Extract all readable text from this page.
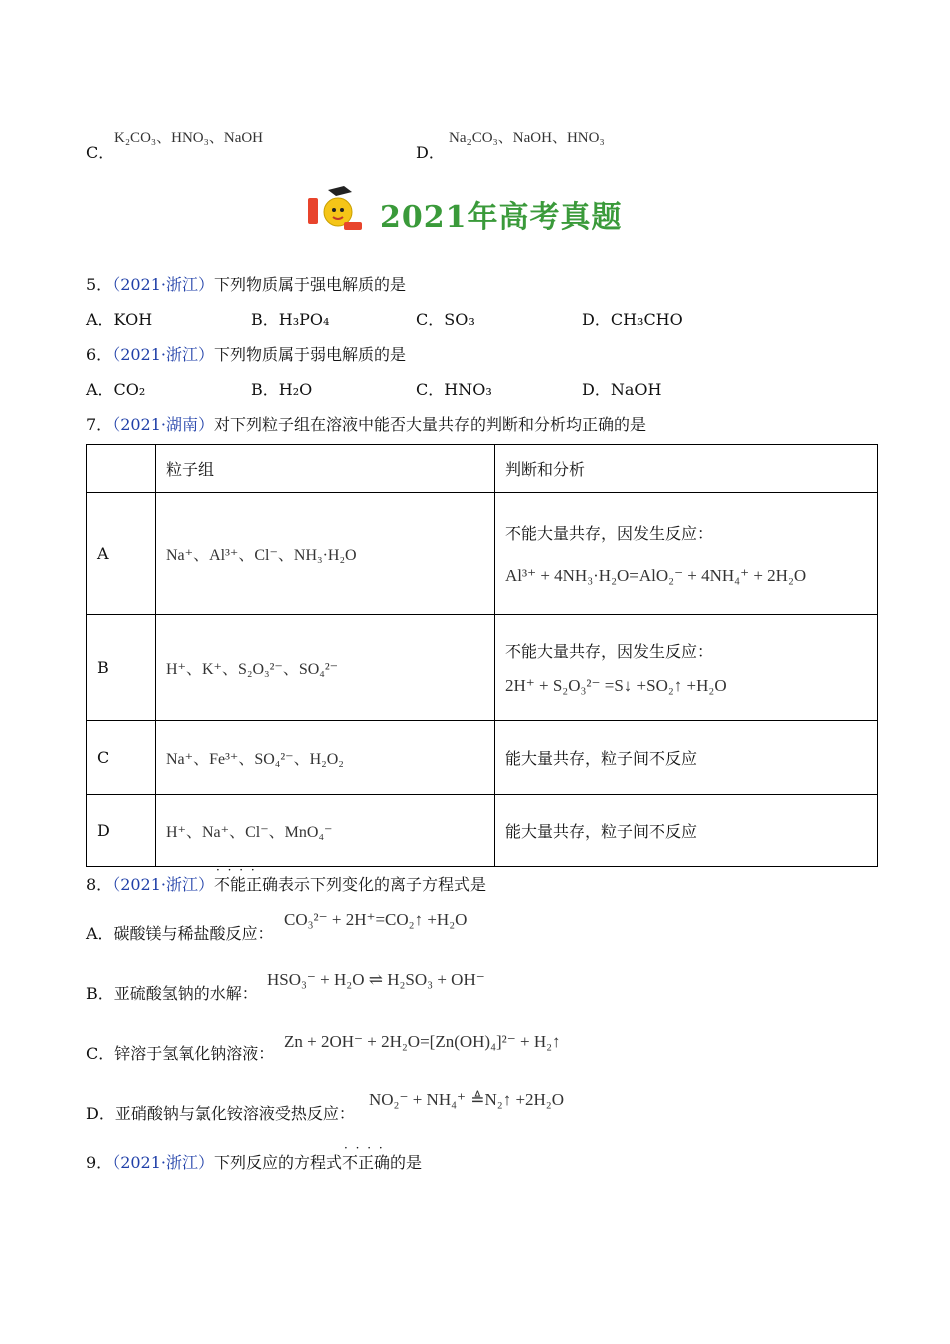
C．
K₂CO₃、HNO₃、NaOH
D．
Na₂CO₃、NaOH、HNO₃
2021年高考真题
5．（2021·浙江）下列物质属于强电解质的是
A．KOH	B．H₃PO₄	C．SO₃	D．CH₃CHO
6．（2021·浙江）下列物质属于弱电解质的是
A．CO₂	B．H₂O	C．HNO₃	D．NaOH
7．（2021·湖南）对下列粒子组在溶液中能否大量共存的判断和分析均正确的是
	粒子组	判断和分析
A	Na⁺、Al³⁺、Cl⁻、NH₃·H₂O	不能大量共存，因发生反应：
Al³⁺ + 4NH₃·H₂O=AlO₂⁻ + 4NH₄⁺ + 2H₂O

B	H⁺、K⁺、S₂O₃²⁻、SO₄²⁻	不能大量共存，因发生反应：
2H⁺ + S₂O₃²⁻ =S↓ +SO₂↑ +H₂O

C	Na⁺、Fe³⁺、SO₄²⁻、H₂O₂	能大量共存，粒子间不反应
D	H⁺、Na⁺、Cl⁻、MnO₄⁻	能大量共存，粒子间不反应
8．（2021·浙江）· · · · 不能正确表示下列变化的离子方程式是
A．碳酸镁与稀盐酸反应：
CO₃²⁻ + 2H⁺=CO₂↑ +H₂O
B．亚硫酸氢钠的水解：
HSO₃⁻ + H₂O ⇌ H₂SO₃ + OH⁻
C．锌溶于氢氧化钠溶液：
Zn + 2OH⁻ + 2H₂O=[Zn(OH)₄]²⁻ + H₂↑
D．亚硝酸钠与氯化铵溶液受热反应：
NO₂⁻ + NH₄⁺ ≜N₂↑ +2H₂O
9．（2021·浙江）下列反应的方程式· · · · 不正确的是
